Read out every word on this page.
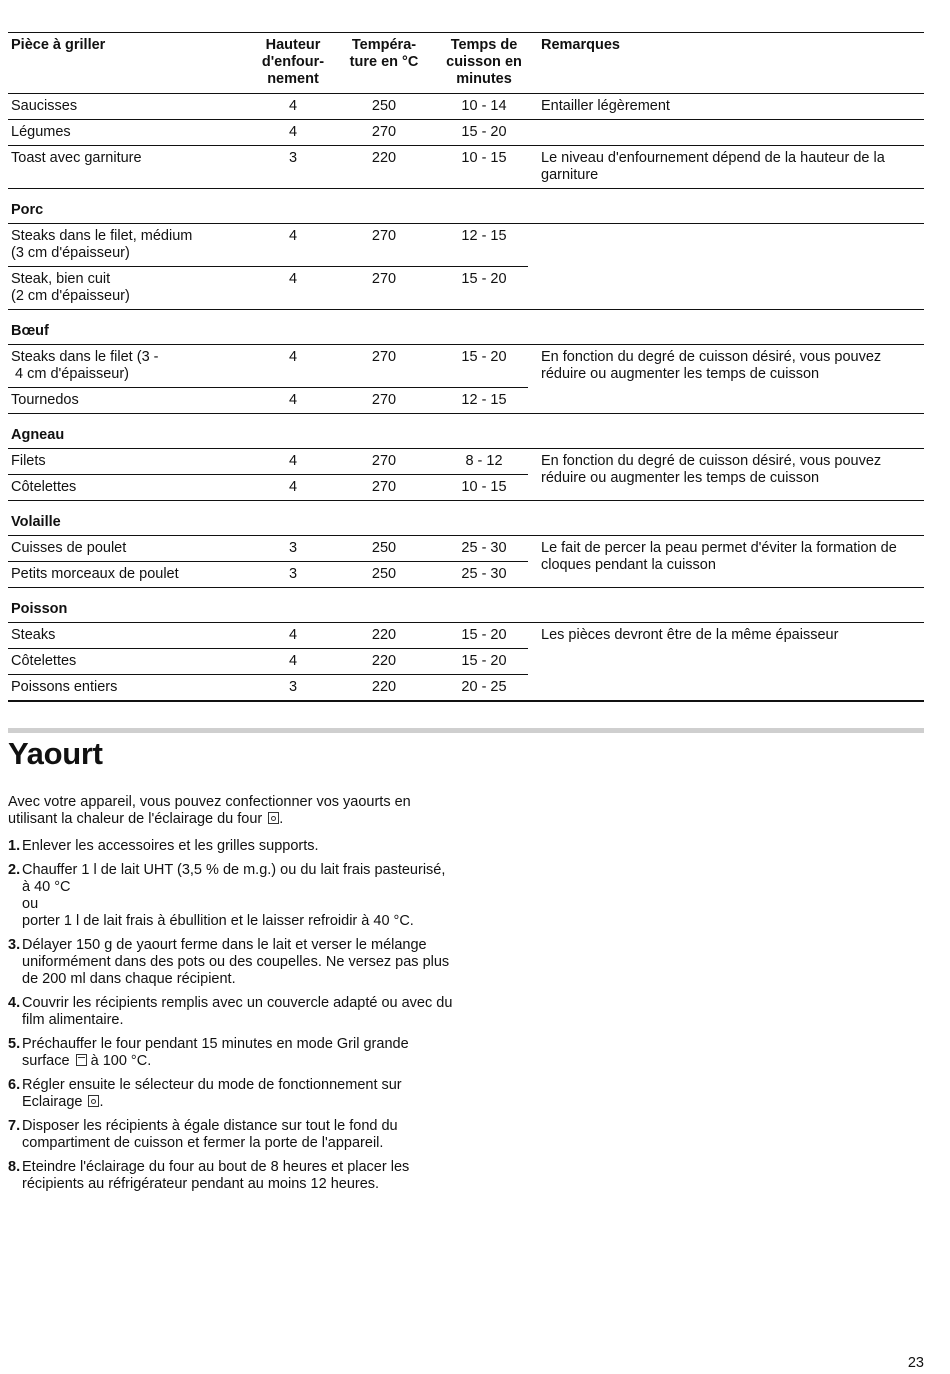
Pièce à griller	Hauteur
d'enfour-
nement	Tempéra-
ture en °C	Temps de
cuisson en
minutes	Remarques
Saucisses	4	250	10 - 14	Entailler légèrement
Légumes	4	270	15 - 20	
Toast avec garniture	3	220	10 - 15	Le niveau d'enfournement dépend de la hauteur de la garniture
Porc				
Steaks dans le filet, médium
(3 cm d'épaisseur)	4	270	12 - 15	
Steak, bien cuit
(2 cm d'épaisseur)	4	270	15 - 20	
Bœuf				
Steaks dans le filet (3 -
4 cm d'épaisseur)	4	270	15 - 20	En fonction du degré de cuisson désiré, vous pouvez réduire ou augmenter les temps de cuisson
Tournedos	4	270	12 - 15	
Agneau				
Filets	4	270	8 - 12	En fonction du degré de cuisson désiré, vous pouvez réduire ou augmenter les temps de cuisson
Côtelettes	4	270	10 - 15	
Volaille				
Cuisses de poulet	3	250	25 - 30	Le fait de percer la peau permet d'éviter la formation de cloques pendant la cuisson
Petits morceaux de poulet	3	250	25 - 30	
Poisson				
Steaks	4	220	15 - 20	Les pièces devront être de la même épaisseur
Côtelettes	4	220	15 - 20	
Poissons entiers	3	220	20 - 25	
Yaourt
Avec votre appareil, vous pouvez confectionner vos yaourts en utilisant la chaleur de l'éclairage du four .
1. Enlever les accessoires et les grilles supports.
2. Chauffer 1 l de lait UHT (3,5 % de m.g.) ou du lait frais pasteurisé, à 40 °C
ou
porter 1 l de lait frais à ébullition et le laisser refroidir à 40 °C.
3. Délayer 150 g de yaourt ferme dans le lait et verser le mélange uniformément dans des pots ou des coupelles. Ne versez pas plus de 200 ml dans chaque récipient.
4. Couvrir les récipients remplis avec un couvercle adapté ou avec du film alimentaire.
5. Préchauffer le four pendant 15 minutes en mode Gril grande surface  à 100 °C.
6. Régler ensuite le sélecteur du mode de fonctionnement sur Eclairage .
7. Disposer les récipients à égale distance sur tout le fond du compartiment de cuisson et fermer la porte de l'appareil.
8. Eteindre l'éclairage du four au bout de 8 heures et placer les récipients au réfrigérateur pendant au moins 12 heures.
23
